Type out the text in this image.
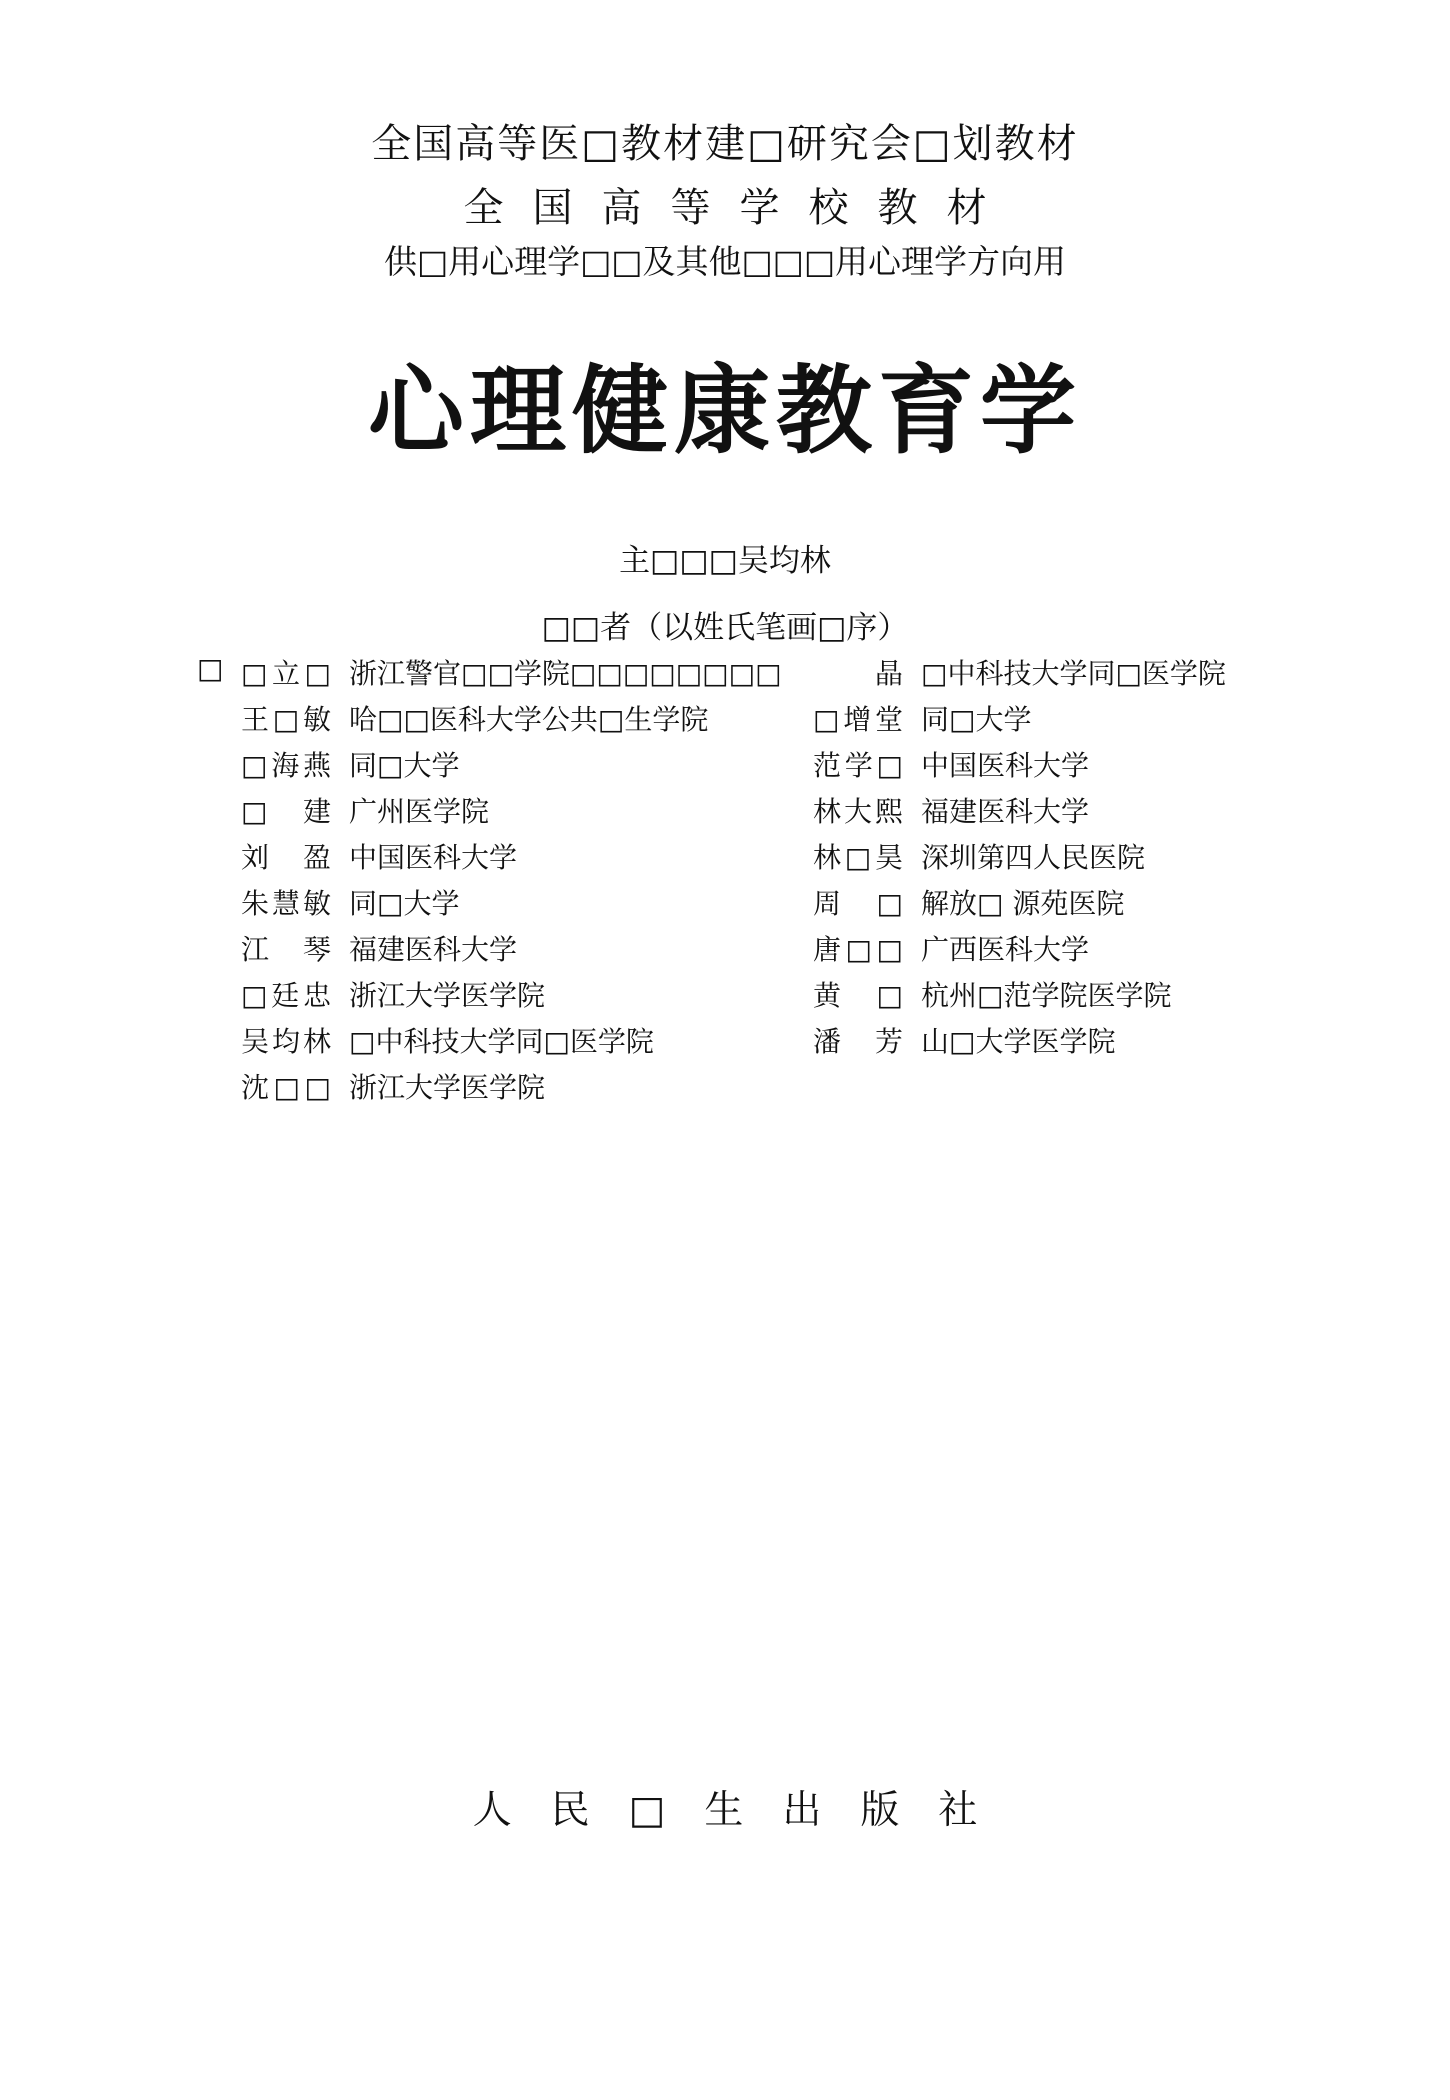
全国高等医□教材建□研究会□划教材
全国高等学校教材
供□用心理学□□及其他□□□用心理学方向用
心理健康教育学
主□□□吴均林
□□者（以姓氏笔画□序）
□ □立□ 浙江警官□□学院□□□□□□□□
王□敏 哈□□医科大学公共□生学院
□海燕 同□大学
□建 广州医学院
刘盈 中国医科大学
朱慧敏 同□大学
江琴 福建医科大学
□廷忠 浙江大学医学院
吴均林 □中科技大学同□医学院
沈□□ 浙江大学医学院
晶 □中科技大学同□医学院
□增堂 同□大学
范学□ 中国医科大学
林大熙 福建医科大学
林□昊 深圳第四人民医院
周□ 解放□ 源苑医院
唐□□ 广西医科大学
黄□ 杭州□范学院医学院
潘芳 山□大学医学院
人民□生出版社
